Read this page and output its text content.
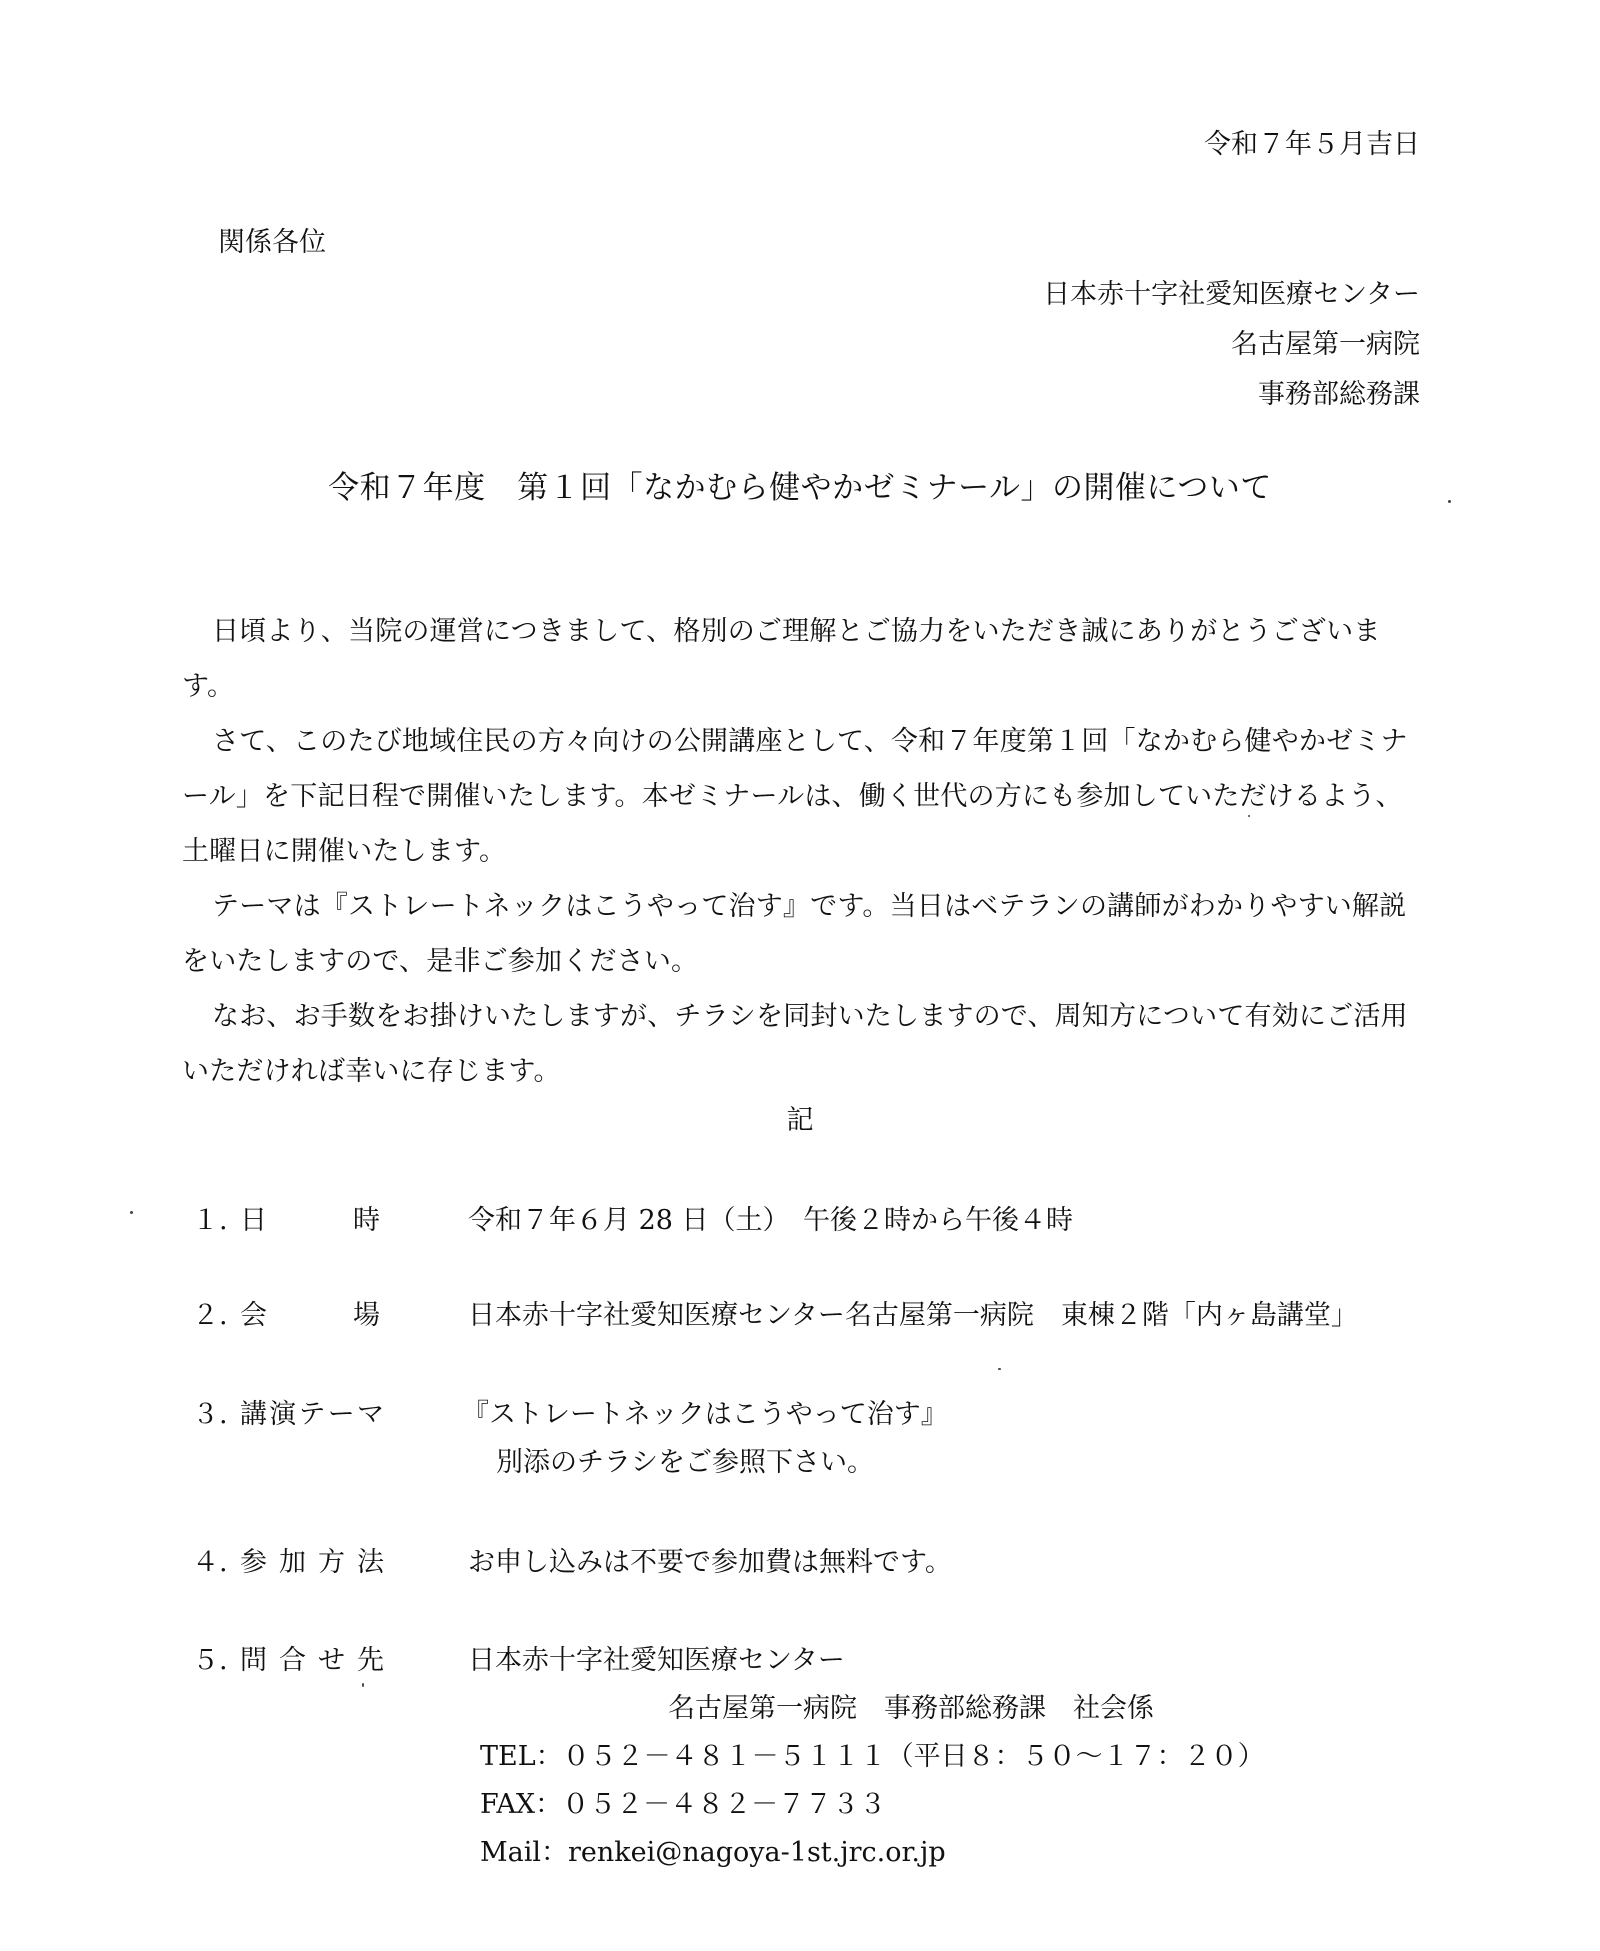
令和７年５月吉日
関係各位
日本赤十字社愛知医療センター
名古屋第一病院
事務部総務課
令和７年度　第１回「なかむら健やかゼミナール」の開催について

日頃より、当院の運営につきまして、格別のご理解とご協力をいただき誠にありがとうございます。

さて、このたび地域住民の方々向けの公開講座として、令和７年度第１回「なかむら健やかゼミナール」を下記日程で開催いたします。本ゼミナールは、働く世代の方にも参加していただけるよう、土曜日に開催いたします。

テーマは『ストレートネックはこうやって治す』です。当日はベテランの講師がわかりやすい解説をいたしますので、是非ご参加ください。

なお、お手数をお掛けいたしますが、チラシを同封いたしますので、周知方について有効にご活用いただければ幸いに存じます。

記
１. 日	時	令和７年６月 28 日（土）　午後２時から午後４時
２. 会	場	日本赤十字社愛知医療センター名古屋第一病院　東棟２階「内ヶ島講堂」
３. 講 演 テ ー マ	『ストレートネックはこうやって治す』
別添のチラシをご参照下さい。
４. 参 加 方 法	お申し込みは不要で参加費は無料です。
５. 問 合 せ 先	日本赤十字社愛知医療センター
名古屋第一病院　事務部総務課　社会係
TEL：０５２－４８１－５１１１（平日８：５０～１７：２０）
FAX：０５２－４８２－７７３３
Mail：renkei@nagoya-1st.jrc.or.jp
